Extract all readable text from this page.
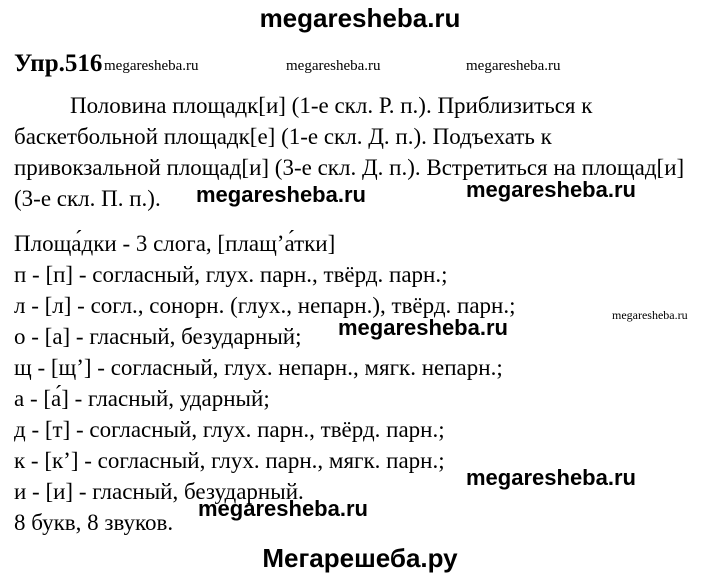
megaresheba.ru
Упр.516 megaresheba.ru	megaresheba.ru	megaresheba.ru
Половина площадк[и] (1-е скл. Р. п.). Приблизиться к
баскетбольной площадк[е] (1-е скл. Д. п.). Подъехать к
привокзальной площад[и] (3-е скл. Д. п.). Встретиться на площад[и]
(3-е скл. П. п.).	megaresheba.ru	megaresheba.ru
Площа́дки - 3 слога, [плащ’а́тки]
п - [п] - согласный, глух. парн., твёрд. парн.;
л - [л] - согл., сонорн. (глух., непарн.), твёрд. парн.;
о - [а] - гласный, безударный;
щ - [щ’] - согласный, глух. непарн., мягк. непарн.;
а - [а́] - гласный, ударный;
д - [т] - согласный, глух. парн., твёрд. парн.;
к - [к’] - согласный, глух. парн., мягк. парн.;
и - [и] - гласный, безударный.
8 букв, 8 звуков.
megaresheba.ru
megaresheba.ru
megaresheba.ru
megaresheba.ru
Мегарешеба.ру
